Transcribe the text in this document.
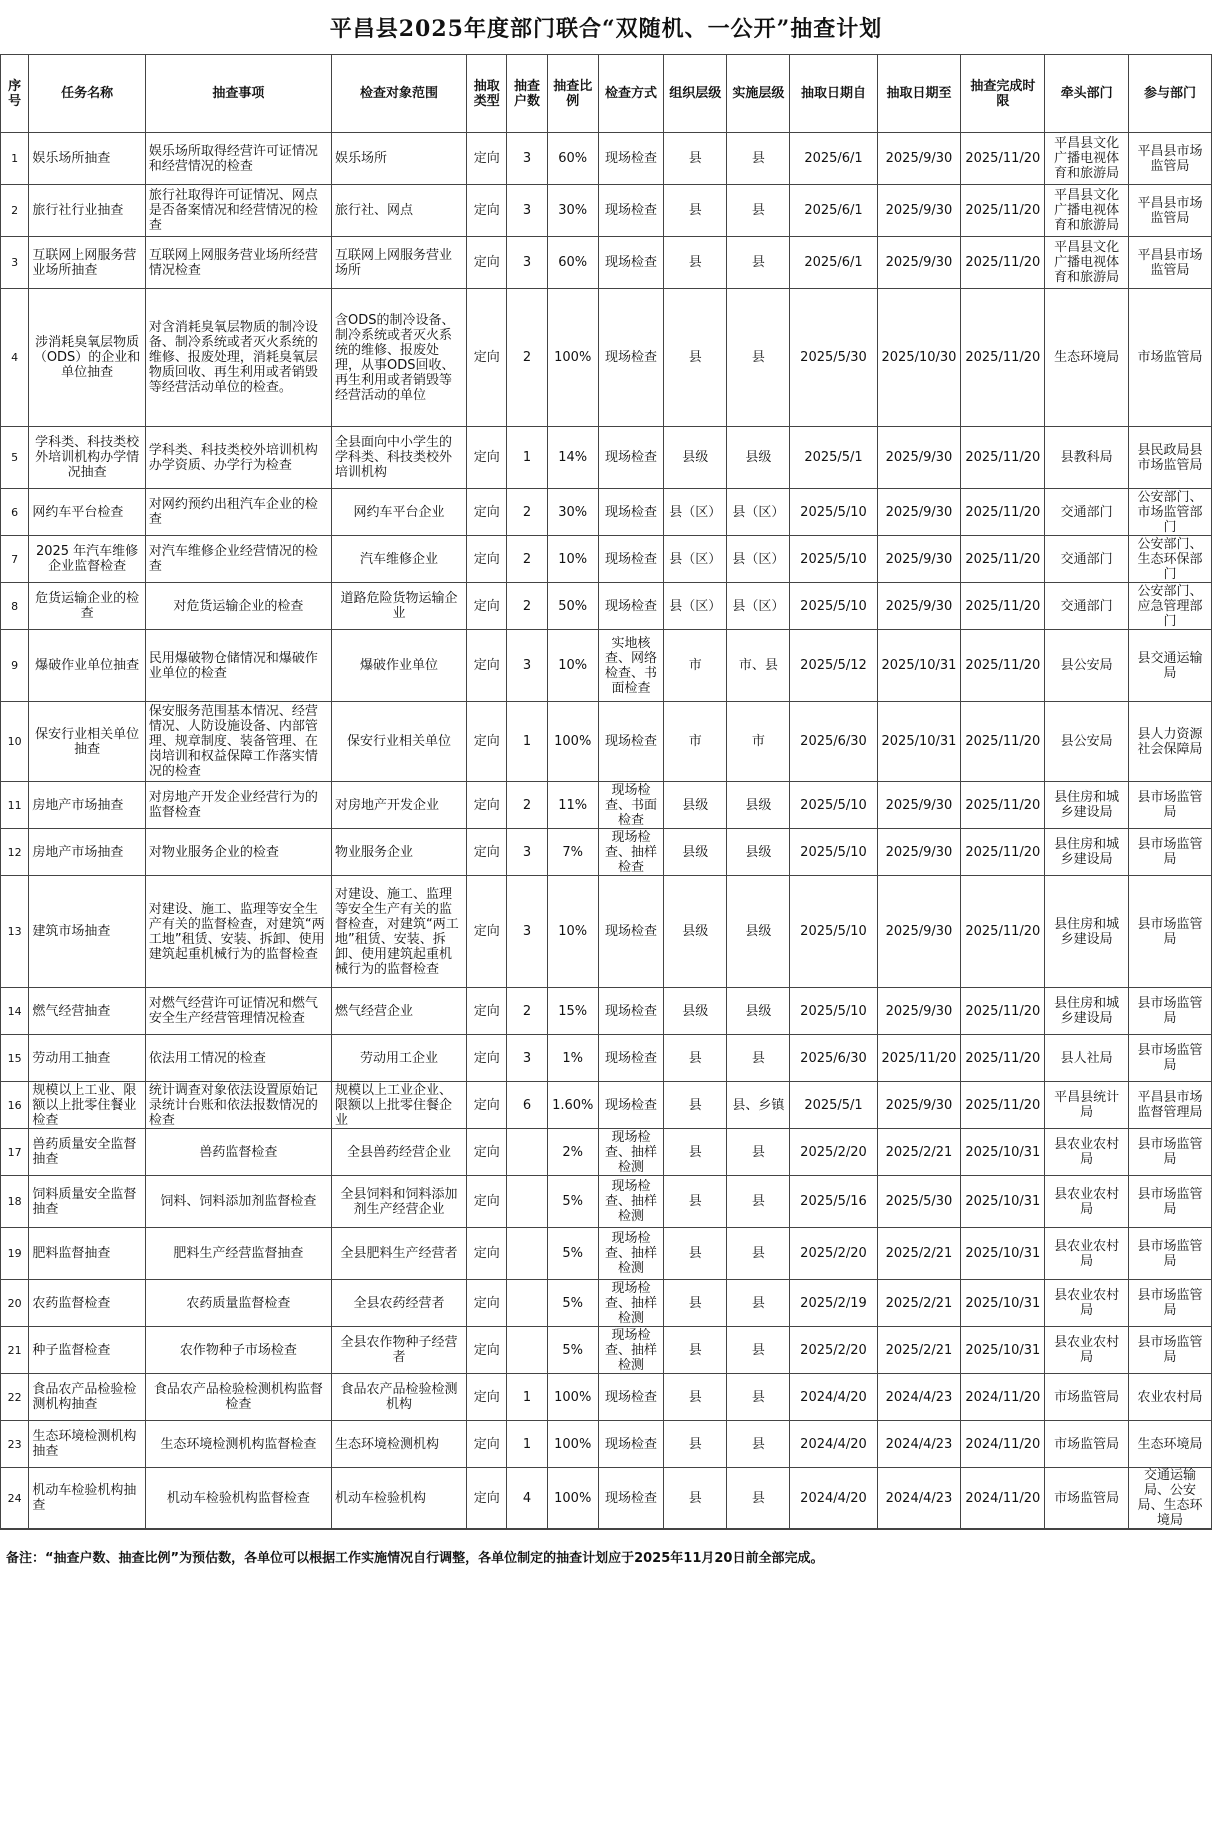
平昌县2025年度部门联合“双随机、一公开”抽查计划
序号	任务名称	抽查事项	检查对象范围	抽取类型	抽查户数	抽查比例	检查方式	组织层级	实施层级	抽取日期自	抽取日期至	抽查完成时限	牵头部门	参与部门
1	娱乐场所抽查	娱乐场所取得经营许可证情况和经营情况的检查	娱乐场所	定向	3	60%	现场检查	县	县	2025/6/1	2025/9/30	2025/11/20	平昌县文化广播电视体育和旅游局	平昌县市场监管局
2	旅行社行业抽查	旅行社取得许可证情况、网点是否备案情况和经营情况的检查	旅行社、网点	定向	3	30%	现场检查	县	县	2025/6/1	2025/9/30	2025/11/20	平昌县文化广播电视体育和旅游局	平昌县市场监管局
3	互联网上网服务营业场所抽查	互联网上网服务营业场所经营情况检查	互联网上网服务营业场所	定向	3	60%	现场检查	县	县	2025/6/1	2025/9/30	2025/11/20	平昌县文化广播电视体育和旅游局	平昌县市场监管局
4	涉消耗臭氧层物质（ODS）的企业和单位抽查	对含消耗臭氧层物质的制冷设备、制冷系统或者灭火系统的维修、报废处理，消耗臭氧层物质回收、再生利用或者销毁等经营活动单位的检查。	含ODS的制冷设备、制冷系统或者灭火系统的维修、报废处理，从事ODS回收、再生利用或者销毁等经营活动的单位	定向	2	100%	现场检查	县	县	2025/5/30	2025/10/30	2025/11/20	生态环境局	市场监管局
5	学科类、科技类校外培训机构办学情况抽查	学科类、科技类校外培训机构办学资质、办学行为检查	全县面向中小学生的学科类、科技类校外培训机构	定向	1	14%	现场检查	县级	县级	2025/5/1	2025/9/30	2025/11/20	县教科局	县民政局县市场监管局
6	网约车平台检查	对网约预约出租汽车企业的检查	网约车平台企业	定向	2	30%	现场检查	县（区）	县（区）	2025/5/10	2025/9/30	2025/11/20	交通部门	公安部门、市场监管部门
7	2025 年汽车维修企业监督检查	对汽车维修企业经营情况的检查	汽车维修企业	定向	2	10%	现场检查	县（区）	县（区）	2025/5/10	2025/9/30	2025/11/20	交通部门	公安部门、生态环保部门
8	危货运输企业的检查	对危货运输企业的检查	道路危险货物运输企业	定向	2	50%	现场检查	县（区）	县（区）	2025/5/10	2025/9/30	2025/11/20	交通部门	公安部门、应急管理部门
9	爆破作业单位抽查	民用爆破物仓储情况和爆破作业单位的检查	爆破作业单位	定向	3	10%	实地核查、网络检查、书面检查	市	市、县	2025/5/12	2025/10/31	2025/11/20	县公安局	县交通运输局
10	保安行业相关单位抽查	保安服务范围基本情况、经营情况、人防设施设备、内部管理、规章制度、装备管理、在岗培训和权益保障工作落实情况的检查	保安行业相关单位	定向	1	100%	现场检查	市	市	2025/6/30	2025/10/31	2025/11/20	县公安局	县人力资源社会保障局
11	房地产市场抽查	对房地产开发企业经营行为的监督检查	对房地产开发企业	定向	2	11%	现场检查、书面检查	县级	县级	2025/5/10	2025/9/30	2025/11/20	县住房和城乡建设局	县市场监管局
12	房地产市场抽查	对物业服务企业的检查	物业服务企业	定向	3	7%	现场检查、抽样检查	县级	县级	2025/5/10	2025/9/30	2025/11/20	县住房和城乡建设局	县市场监管局
13	建筑市场抽查	对建设、施工、监理等安全生产有关的监督检查，对建筑“两工地”租赁、安装、拆卸、使用建筑起重机械行为的监督检查	对建设、施工、监理等安全生产有关的监督检查，对建筑“两工地”租赁、安装、拆卸、使用建筑起重机械行为的监督检查	定向	3	10%	现场检查	县级	县级	2025/5/10	2025/9/30	2025/11/20	县住房和城乡建设局	县市场监管局
14	燃气经营抽查	对燃气经营许可证情况和燃气安全生产经营管理情况检查	燃气经营企业	定向	2	15%	现场检查	县级	县级	2025/5/10	2025/9/30	2025/11/20	县住房和城乡建设局	县市场监管局
15	劳动用工抽查	依法用工情况的检查	劳动用工企业	定向	3	1%	现场检查	县	县	2025/6/30	2025/11/20	2025/11/20	县人社局	县市场监管局
16	规模以上工业、限额以上批零住餐业检查	统计调查对象依法设置原始记录统计台账和依法报数情况的检查	规模以上工业企业、限额以上批零住餐企业	定向	6	1.60%	现场检查	县	县、乡镇	2025/5/1	2025/9/30	2025/11/20	平昌县统计局	平昌县市场监督管理局
17	兽药质量安全监督抽查	兽药监督检查	全县兽药经营企业	定向		2%	现场检查、抽样检测	县	县	2025/2/20	2025/2/21	2025/10/31	县农业农村局	县市场监管局
18	饲料质量安全监督抽查	饲料、饲料添加剂监督检查	全县饲料和饲料添加剂生产经营企业	定向		5%	现场检查、抽样检测	县	县	2025/5/16	2025/5/30	2025/10/31	县农业农村局	县市场监管局
19	肥料监督抽查	肥料生产经营监督抽查	全县肥料生产经营者	定向		5%	现场检查、抽样检测	县	县	2025/2/20	2025/2/21	2025/10/31	县农业农村局	县市场监管局
20	农药监督检查	农药质量监督检查	全县农药经营者	定向		5%	现场检查、抽样检测	县	县	2025/2/19	2025/2/21	2025/10/31	县农业农村局	县市场监管局
21	种子监督检查	农作物种子市场检查	全县农作物种子经营者	定向		5%	现场检查、抽样检测	县	县	2025/2/20	2025/2/21	2025/10/31	县农业农村局	县市场监管局
22	食品农产品检验检测机构抽查	食品农产品检验检测机构监督检查	食品农产品检验检测机构	定向	1	100%	现场检查	县	县	2024/4/20	2024/4/23	2024/11/20	市场监管局	农业农村局
23	生态环境检测机构抽查	生态环境检测机构监督检查	生态环境检测机构	定向	1	100%	现场检查	县	县	2024/4/20	2024/4/23	2024/11/20	市场监管局	生态环境局
24	机动车检验机构抽查	机动车检验机构监督检查	机动车检验机构	定向	4	100%	现场检查	县	县	2024/4/20	2024/4/23	2024/11/20	市场监管局	交通运输局、公安局、生态环境局
备注：“抽查户数、抽查比例”为预估数，各单位可以根据工作实施情况自行调整，各单位制定的抽查计划应于2025年11月20日前全部完成。
